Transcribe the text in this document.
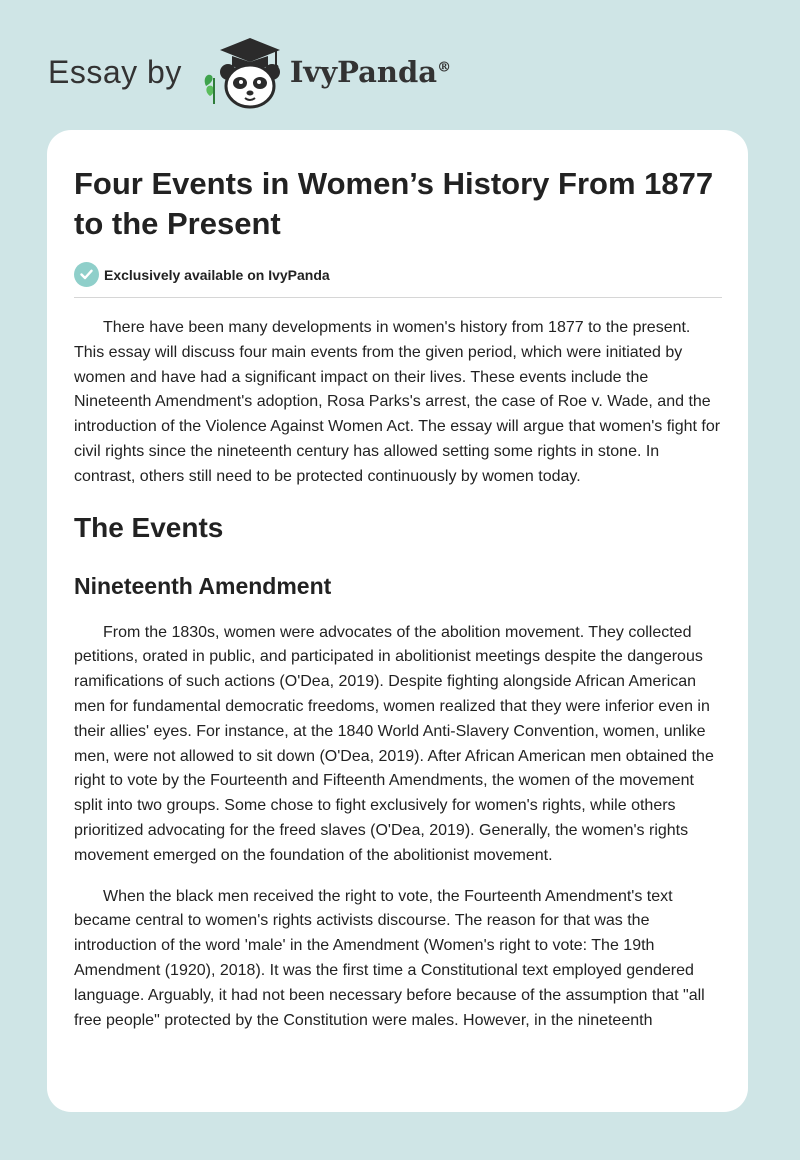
Essay by	IvyPanda®
Four Events in Women’s History From 1877 to the Present
Exclusively available on IvyPanda

There have been many developments in women's history from 1877 to the present. This essay will discuss four main events from the given period, which were initiated by women and have had a significant impact on their lives. These events include the Nineteenth Amendment's adoption, Rosa Parks's arrest, the case of Roe v. Wade, and the introduction of the Violence Against Women Act. The essay will argue that women's fight for civil rights since the nineteenth century has allowed setting some rights in stone. In contrast, others still need to be protected continuously by women today.

The Events
Nineteenth Amendment

From the 1830s, women were advocates of the abolition movement. They collected petitions, orated in public, and participated in abolitionist meetings despite the dangerous ramifications of such actions (O'Dea, 2019). Despite fighting alongside African American men for fundamental democratic freedoms, women realized that they were inferior even in their allies' eyes. For instance, at the 1840 World Anti-Slavery Convention, women, unlike men, were not allowed to sit down (O'Dea, 2019). After African American men obtained the right to vote by the Fourteenth and Fifteenth Amendments, the women of the movement split into two groups. Some chose to fight exclusively for women's rights, while others prioritized advocating for the freed slaves (O'Dea, 2019). Generally, the women's rights movement emerged on the foundation of the abolitionist movement.

When the black men received the right to vote, the Fourteenth Amendment's text became central to women's rights activists discourse. The reason for that was the introduction of the word 'male' in the Amendment (Women's right to vote: The 19th Amendment (1920), 2018). It was the first time a Constitutional text employed gendered language. Arguably, it had not been necessary before because of the assumption that "all free people" protected by the Constitution were males. However, in the nineteenth
